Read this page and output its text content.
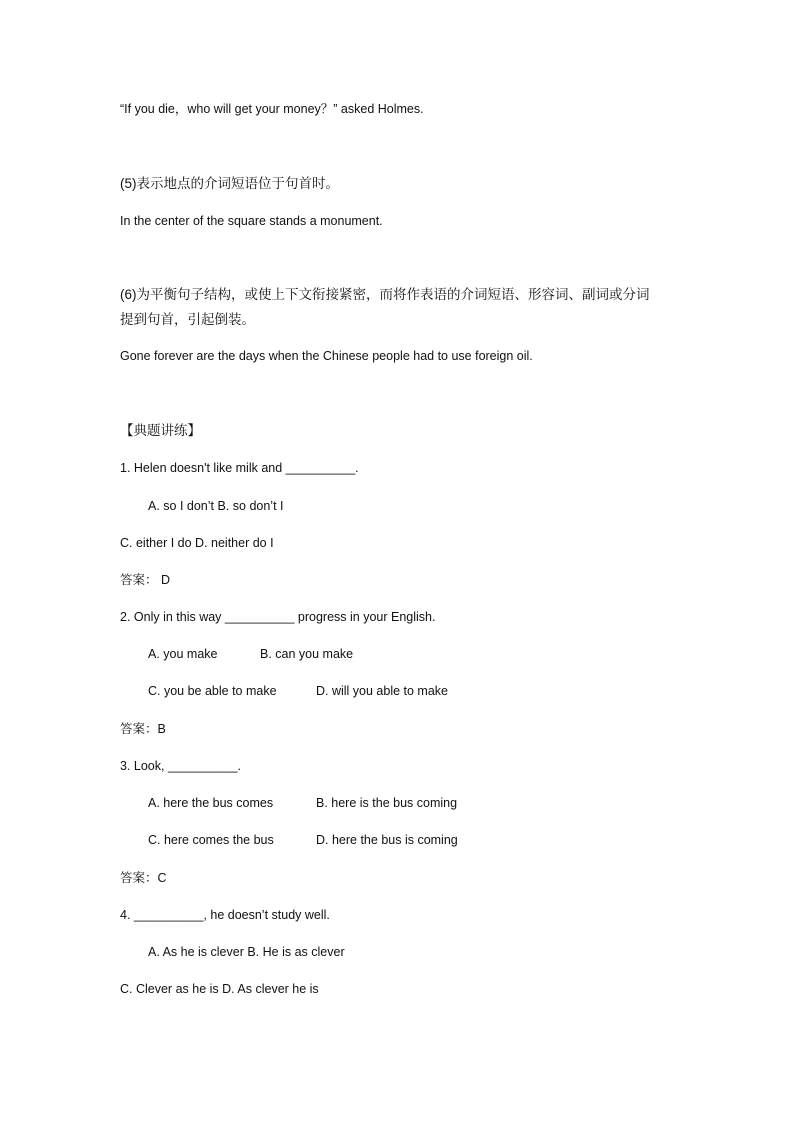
“If you die，who will get your money？” asked Holmes.
(5)表示地点的介词短语位于句首时。
In the center of the square stands a monument.
(6)为平衡句子结构，或使上下文衔接紧密，而将作表语的介词短语、形容词、副词或分词
提到句首，引起倒装。
Gone forever are the days when the Chinese people had to use foreign oil.
【典题讲练】
1. Helen doesn't like milk and __________.
A. so I don’t B. so don’t I
C. either I do D. neither do I
答案： D
2. Only in this way __________ progress in your English.
A. you make	B. can you make
C. you be able to make	D. will you able to make
答案：B
3. Look, __________.
A. here the bus comes	B. here is the bus coming
C. here comes the bus	D. here the bus is coming
答案：C
4. __________, he doesn’t study well.
A. As he is clever B. He is as clever
C. Clever as he is D. As clever he is
